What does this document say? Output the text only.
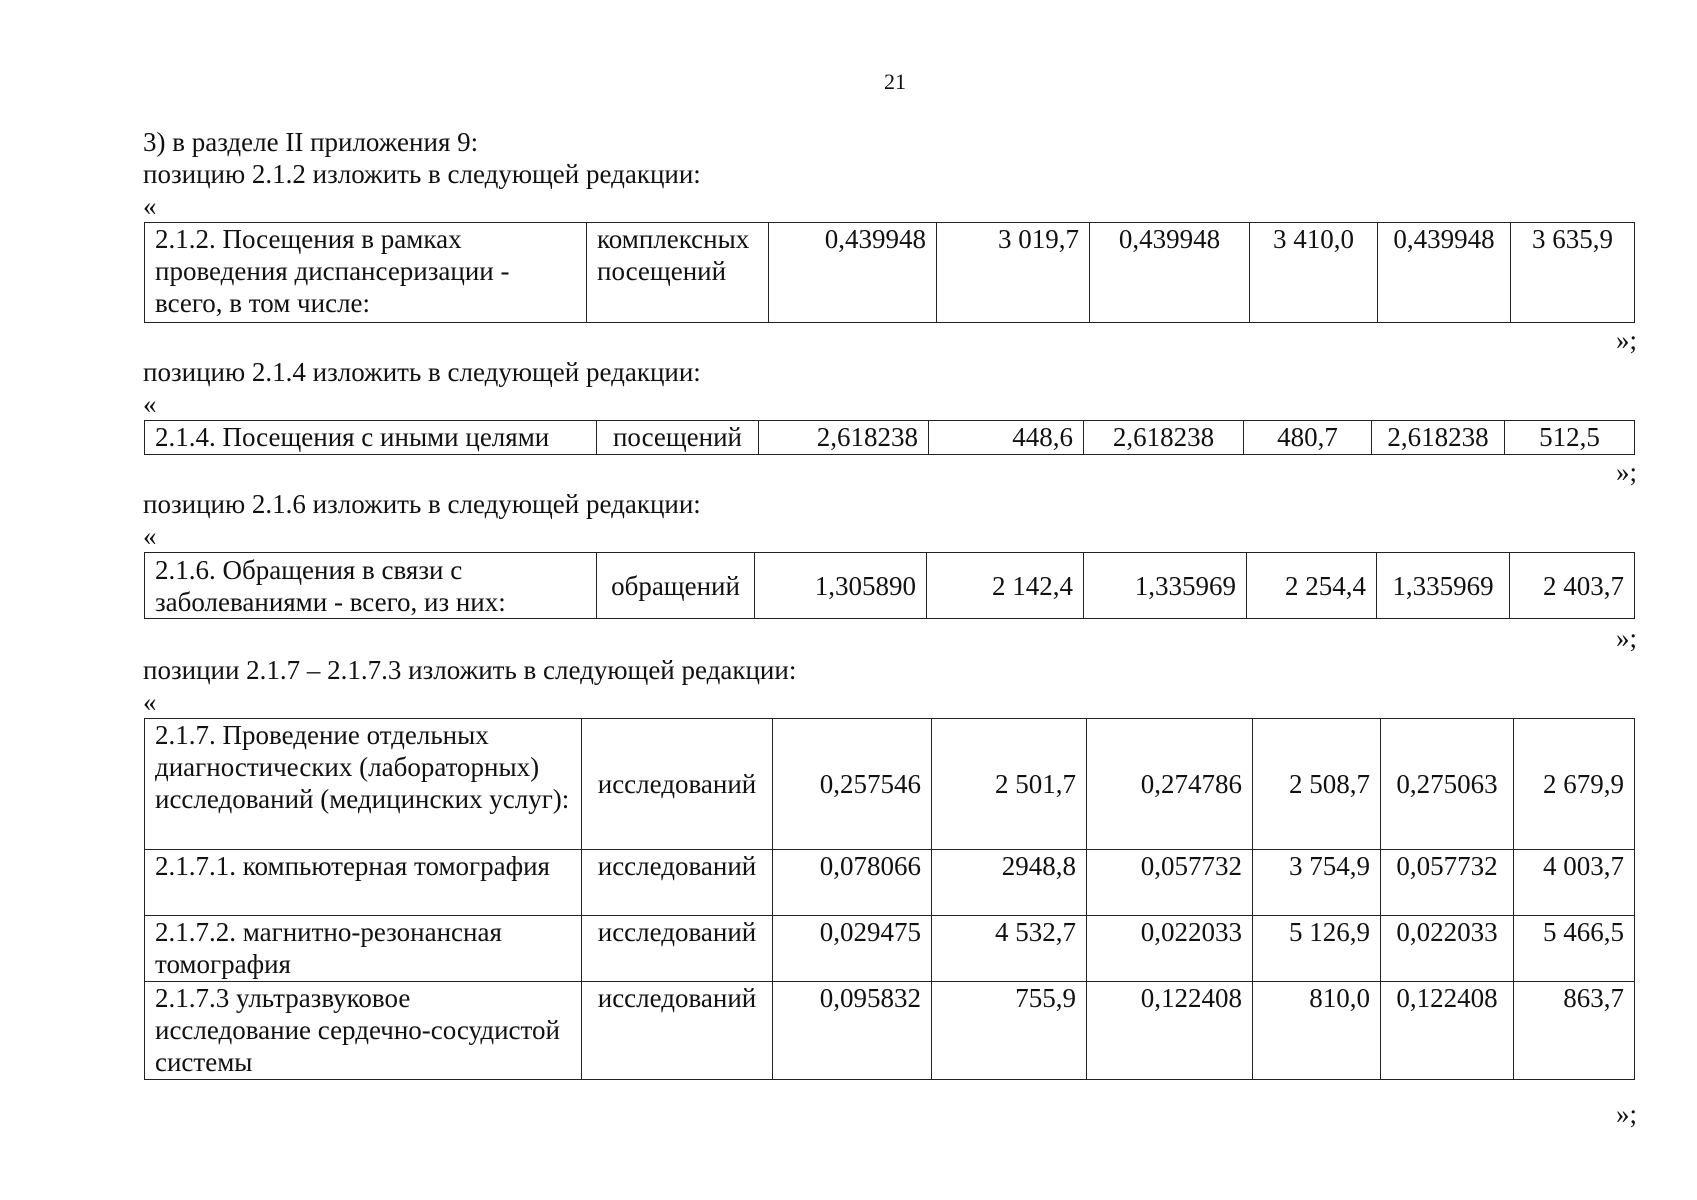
21

3) в разделе II приложения 9:

позицию 2.1.2 изложить в следующей редакции:

«
2.1.2. Посещения в рамках проведения диспансеризации - всего, в том числе:	комплексных посещений	0,439948	3 019,7	0,439948	3 410,0	0,439948	3 635,9
»;

позицию 2.1.4 изложить в следующей редакции:

«
2.1.4. Посещения с иными целями	посещений	2,618238	448,6	2,618238	480,7	2,618238	512,5
»;

позицию 2.1.6 изложить в следующей редакции:

«
2.1.6. Обращения в связи с заболеваниями - всего, из них:	обращений	1,305890	2 142,4	1,335969	2 254,4	1,335969	2 403,7
»;

позиции 2.1.7 – 2.1.7.3 изложить в следующей редакции:

«
2.1.7. Проведение отдельных диагностических (лабораторных) исследований (медицинских услуг):	исследований	0,257546	2 501,7	0,274786	2 508,7	0,275063	2 679,9
2.1.7.1. компьютерная томография	исследований	0,078066	2948,8	0,057732	3 754,9	0,057732	4 003,7
2.1.7.2. магнитно-резонансная томография	исследований	0,029475	4 532,7	0,022033	5 126,9	0,022033	5 466,5
2.1.7.3 ультразвуковое исследование сердечно-сосудистой системы	исследований	0,095832	755,9	0,122408	810,0	0,122408	863,7
»;
